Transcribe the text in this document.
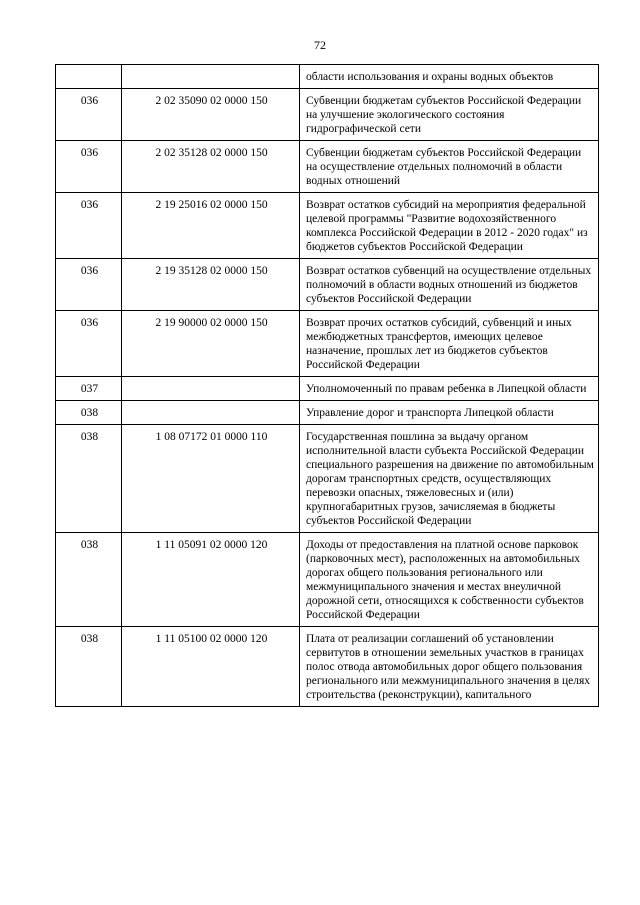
72
		области использования и охраны водных объектов
036	2 02 35090 02 0000 150	Субвенции бюджетам субъектов Российской Федерации на улучшение экологического состояния гидрографической сети
036	2 02 35128 02 0000 150	Субвенции бюджетам субъектов Российской Федерации на осуществление отдельных полномочий в области водных отношений
036	2 19 25016 02 0000 150	Возврат остатков субсидий на мероприятия федеральной целевой программы "Развитие водохозяйственного комплекса Российской Федерации в 2012 - 2020 годах" из бюджетов субъектов Российской Федерации
036	2 19 35128 02 0000 150	Возврат остатков субвенций на осуществление отдельных полномочий в области водных отношений из бюджетов субъектов Российской Федерации
036	2 19 90000 02 0000 150	Возврат прочих остатков субсидий, субвенций и иных межбюджетных трансфертов, имеющих целевое назначение, прошлых лет из бюджетов субъектов Российской Федерации
037		Уполномоченный по правам ребенка в Липецкой области
038		Управление дорог и транспорта Липецкой области
038	1 08 07172 01 0000 110	Государственная пошлина за выдачу органом исполнительной власти субъекта Российской Федерации специального разрешения на движение по автомобильным дорогам транспортных средств, осуществляющих перевозки опасных, тяжеловесных и (или) крупногабаритных грузов, зачисляемая в бюджеты субъектов Российской Федерации
038	1 11 05091 02 0000 120	Доходы от предоставления на платной основе парковок (парковочных мест), расположенных на автомобильных дорогах общего пользования регионального или межмуниципального значения и местах внеуличной дорожной сети, относящихся к собственности субъектов Российской Федерации
038	1 11 05100 02 0000 120	Плата от реализации соглашений об установлении сервитутов в отношении земельных участков в границах полос отвода автомобильных дорог общего пользования регионального или межмуниципального значения в целях строительства (реконструкции), капитального
